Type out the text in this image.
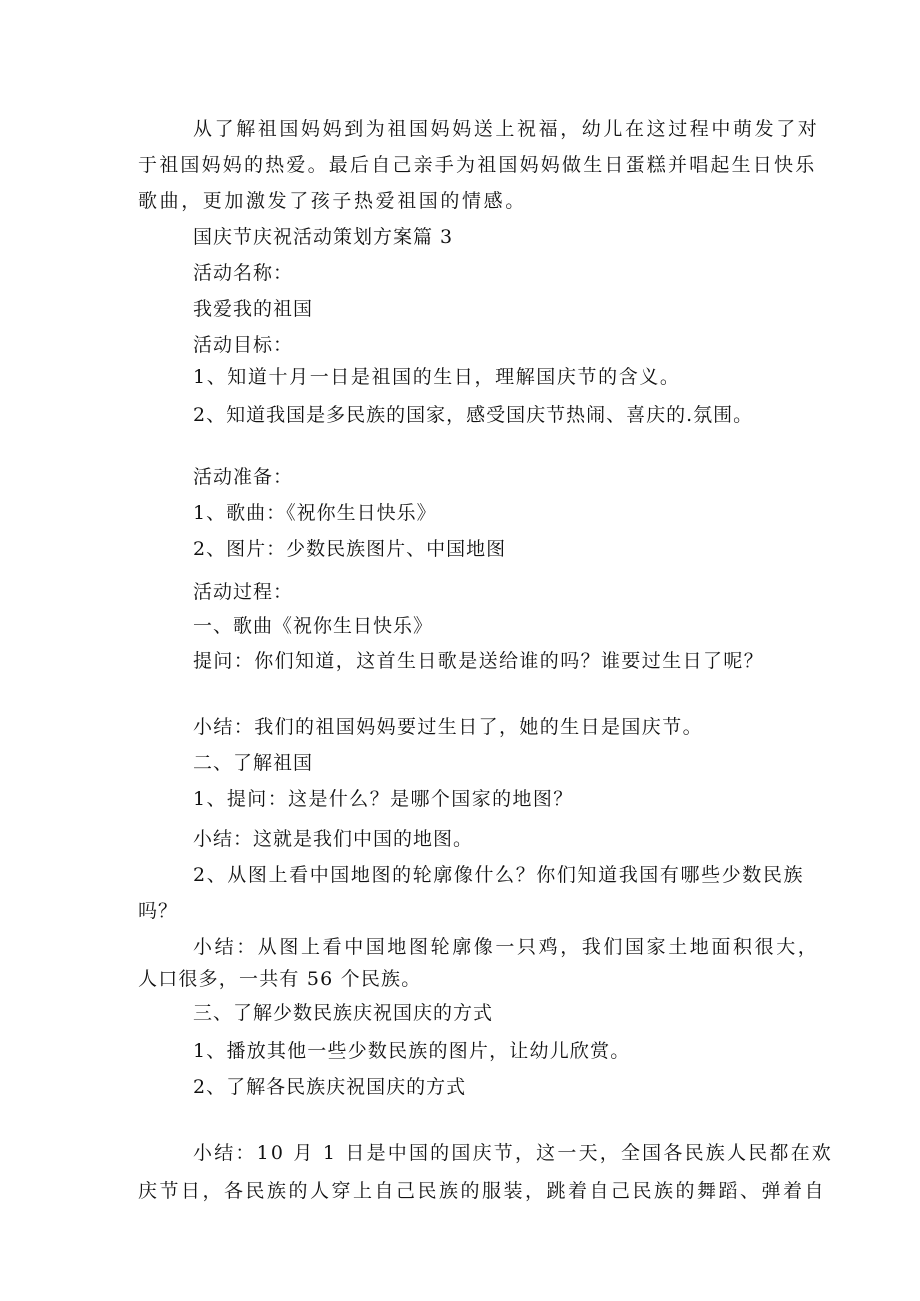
从了解祖国妈妈到为祖国妈妈送上祝福，幼儿在这过程中萌发了对
于祖国妈妈的热爱。最后自己亲手为祖国妈妈做生日蛋糕并唱起生日快乐
歌曲，更加激发了孩子热爱祖国的情感。
国庆节庆祝活动策划方案篇 3
活动名称：
我爱我的祖国
活动目标：
1、知道十月一日是祖国的生日，理解国庆节的含义。
2、知道我国是多民族的国家，感受国庆节热闹、喜庆的.氛围。
活动准备：
1、歌曲：《祝你生日快乐》
2、图片：少数民族图片、中国地图
活动过程：
一、歌曲《祝你生日快乐》
提问：你们知道，这首生日歌是送给谁的吗？谁要过生日了呢？
小结：我们的祖国妈妈要过生日了，她的生日是国庆节。
二、了解祖国
1、提问：这是什么？是哪个国家的地图？
小结：这就是我们中国的地图。
2、从图上看中国地图的轮廓像什么？你们知道我国有哪些少数民族
吗？
小结：从图上看中国地图轮廓像一只鸡，我们国家土地面积很大，
人口很多，一共有 56 个民族。
三、了解少数民族庆祝国庆的方式
1、播放其他一些少数民族的图片，让幼儿欣赏。
2、了解各民族庆祝国庆的方式
小结：10 月 1 日是中国的国庆节，这一天，全国各民族人民都在欢
庆节日，各民族的人穿上自己民族的服装，跳着自己民族的舞蹈、弹着自
